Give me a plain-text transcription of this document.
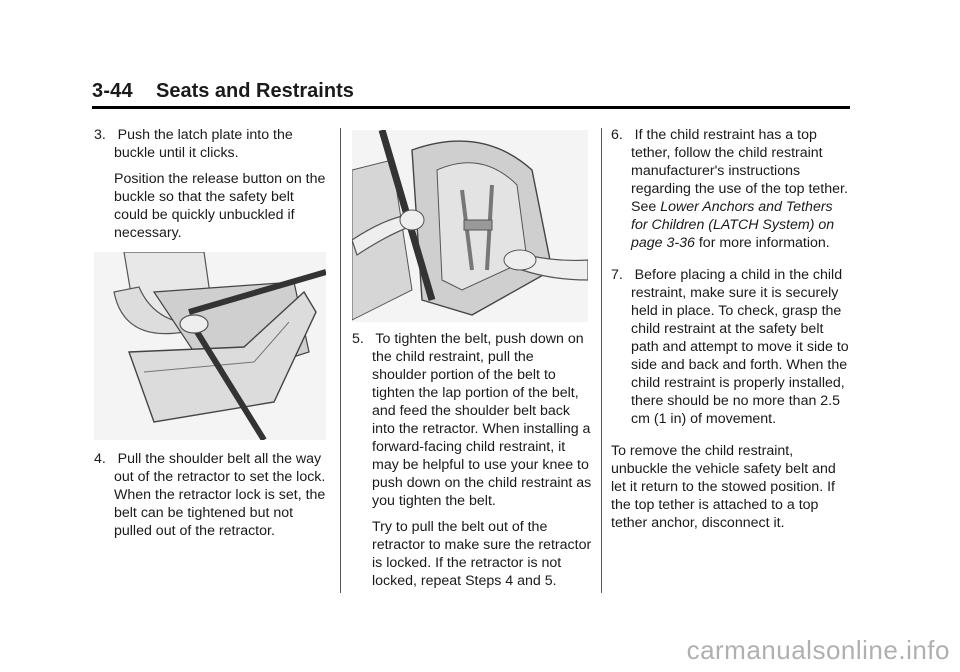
3-44 Seats and Restraints
3. Push the latch plate into the buckle until it clicks.
Position the release button on the buckle so that the safety belt could be quickly unbuckled if necessary.
4. Pull the shoulder belt all the way out of the retractor to set the lock. When the retractor lock is set, the belt can be tightened but not pulled out of the retractor.
5. To tighten the belt, push down on the child restraint, pull the shoulder portion of the belt to tighten the lap portion of the belt, and feed the shoulder belt back into the retractor. When installing a forward-facing child restraint, it may be helpful to use your knee to push down on the child restraint as you tighten the belt.
Try to pull the belt out of the retractor to make sure the retractor is locked. If the retractor is not locked, repeat Steps 4 and 5.
6. If the child restraint has a top tether, follow the child restraint manufacturer's instructions regarding the use of the top tether. See Lower Anchors and Tethers for Children (LATCH System) on page 3-36 for more information.
7. Before placing a child in the child restraint, make sure it is securely held in place. To check, grasp the child restraint at the safety belt path and attempt to move it side to side and back and forth. When the child restraint is properly installed, there should be no more than 2.5 cm (1 in) of movement.
To remove the child restraint, unbuckle the vehicle safety belt and let it return to the stowed position. If the top tether is attached to a top tether anchor, disconnect it.
carmanualsonline.info
